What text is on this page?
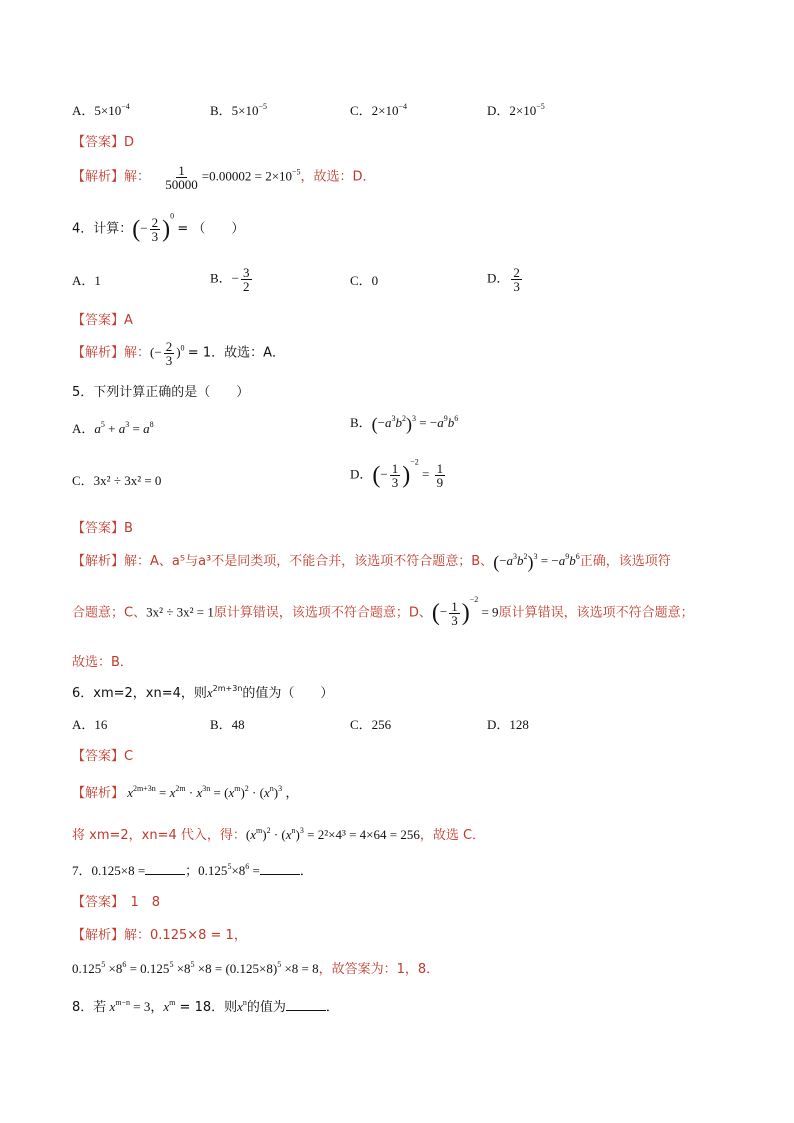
A．$5\times 10^{-4}$	B．$5\times 10^{-5}$	C．$2\times 10^{-4}$	D．$2\times 10^{-5}$
【答案】D
【解析】解： $\frac{1}{50000} =0.00002 = 2\times 10^{-5}$，故选：D．
4．计算：(− $\frac{2}{3} )^0$ = （　　）
A．1	B．− $\frac{3}{2}$	C．0	D． $\frac{2}{3}$
【答案】A
【解析】解：(− $\frac{2}{3} )^0 = 1$．故选：A．
5．下列计算正确的是（　　）
A．$a^5 + a^3 = a^8$	B．$(-a^3b^2)^3 = -a^9b^6$
C．3x² ÷ 3x² = 0	D．(− $\frac{1}{3} )^{-2} = \frac{1}{9}$
【答案】B
【解析】解：A、a⁵与a³不是同类项，不能合并，该选项不符合题意；B、$(-a^3b^2)^3 = -a^9b^6$正确，该选项符
合题意；C、3x² ÷ 3x² = 1原计算错误，该选项不符合题意；D、(− $\frac{1}{3} )^{-2} = 9$原计算错误，该选项不符合题意；
故选：B．
6．xm=2，xn=4，则$x^{2m+3n}$的值为（　　）
A．16	B．48	C．256	D．128
【答案】C
【解析】 $x^{2m+3n} = x^{2m} \cdot x^{3n} = (x^m)^2 \cdot (x^n)^3$ ，
将 xm=2，xn=4 代入，得：$(x^m)^2 \cdot (x^n)^3 = 2^2\times 4^3 = 4\times 64 = 256$，故选 C．
7．0.125×8 =	；$0.125^5\times 8^6$ =	．
【答案】　1　8
【解析】解：0.125×8 = 1，
$0.125^5 \times 8^6 = 0.125^5 \times 8^5 \times 8 = (0.125\times 8)^5 \times 8 = 8$，故答案为：1，8．
8．若 $x^{m-n} = 3$，$x^m = 18$．则$x^n$的值为	．
